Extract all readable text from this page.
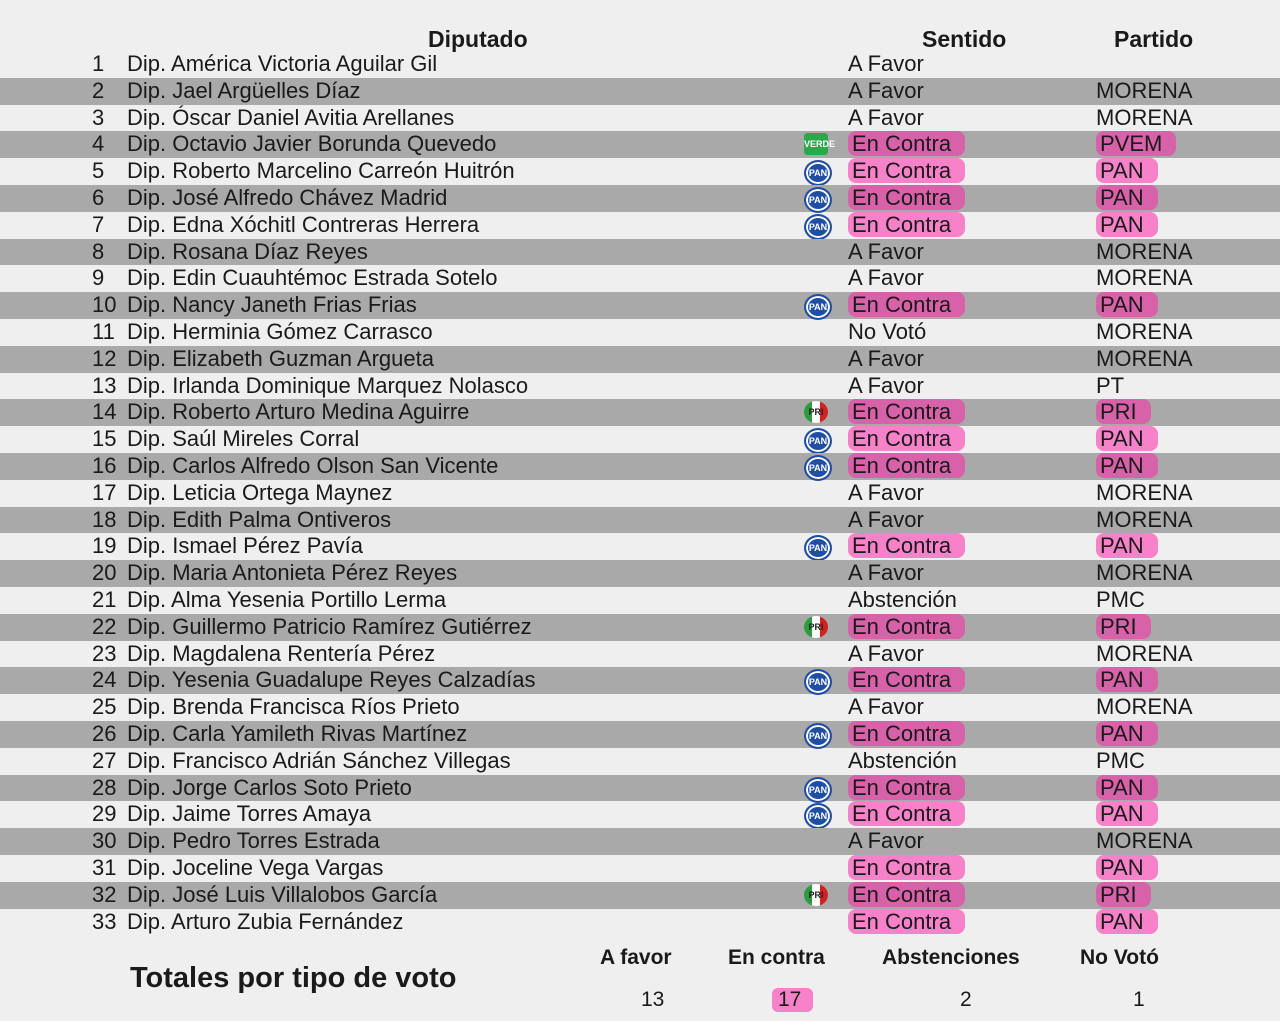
Diputado	Sentido	Partido
1	Dip. América Victoria Aguilar Gil	A Favor
2	Dip. Jael Argüelles Díaz	A Favor	MORENA
3	Dip. Óscar Daniel Avitia Arellanes	A Favor	MORENA
4	Dip. Octavio Javier Borunda Quevedo	VERDE En Contra	PVEM
5	Dip. Roberto Marcelino Carreón Huitrón	PAN En Contra	PAN
6	Dip. José Alfredo Chávez Madrid	PAN En Contra	PAN
7	Dip. Edna Xóchitl Contreras Herrera	PAN En Contra	PAN
8	Dip. Rosana Díaz Reyes	A Favor	MORENA
9	Dip. Edin Cuauhtémoc Estrada Sotelo	A Favor	MORENA
10 Dip. Nancy Janeth Frias Frias	PAN En Contra	PAN
11 Dip. Herminia Gómez Carrasco	No Votó	MORENA
12 Dip. Elizabeth Guzman Argueta	A Favor	MORENA
13 Dip. Irlanda Dominique Marquez Nolasco	A Favor	PT
14 Dip. Roberto Arturo Medina Aguirre	PRI En Contra	PRI
15 Dip. Saúl Mireles Corral	PAN En Contra	PAN
16 Dip. Carlos Alfredo Olson San Vicente	PAN En Contra	PAN
17 Dip. Leticia Ortega Maynez	A Favor	MORENA
18 Dip. Edith Palma Ontiveros	A Favor	MORENA
19 Dip. Ismael Pérez Pavía	PAN En Contra	PAN
20 Dip. Maria Antonieta Pérez Reyes	A Favor	MORENA
21 Dip. Alma Yesenia Portillo Lerma	Abstención	PMC
22 Dip. Guillermo Patricio Ramírez Gutiérrez	PRI En Contra	PRI
23 Dip. Magdalena Rentería Pérez	A Favor	MORENA
24 Dip. Yesenia Guadalupe Reyes Calzadías	PAN En Contra	PAN
25 Dip. Brenda Francisca Ríos Prieto	A Favor	MORENA
26 Dip. Carla Yamileth Rivas Martínez	PAN En Contra	PAN
27 Dip. Francisco Adrián Sánchez Villegas	Abstención	PMC
28 Dip. Jorge Carlos Soto Prieto	PAN En Contra	PAN
29 Dip. Jaime Torres Amaya	PAN En Contra	PAN
30 Dip. Pedro Torres Estrada	A Favor	MORENA
31 Dip. Joceline Vega Vargas	En Contra	PAN
32 Dip. José Luis Villalobos García	PRI En Contra	PRI
33 Dip. Arturo Zubia Fernández	En Contra	PAN
Totales por tipo de voto
A favor	En contra	Abstenciones	No Votó
13	17	2	1
